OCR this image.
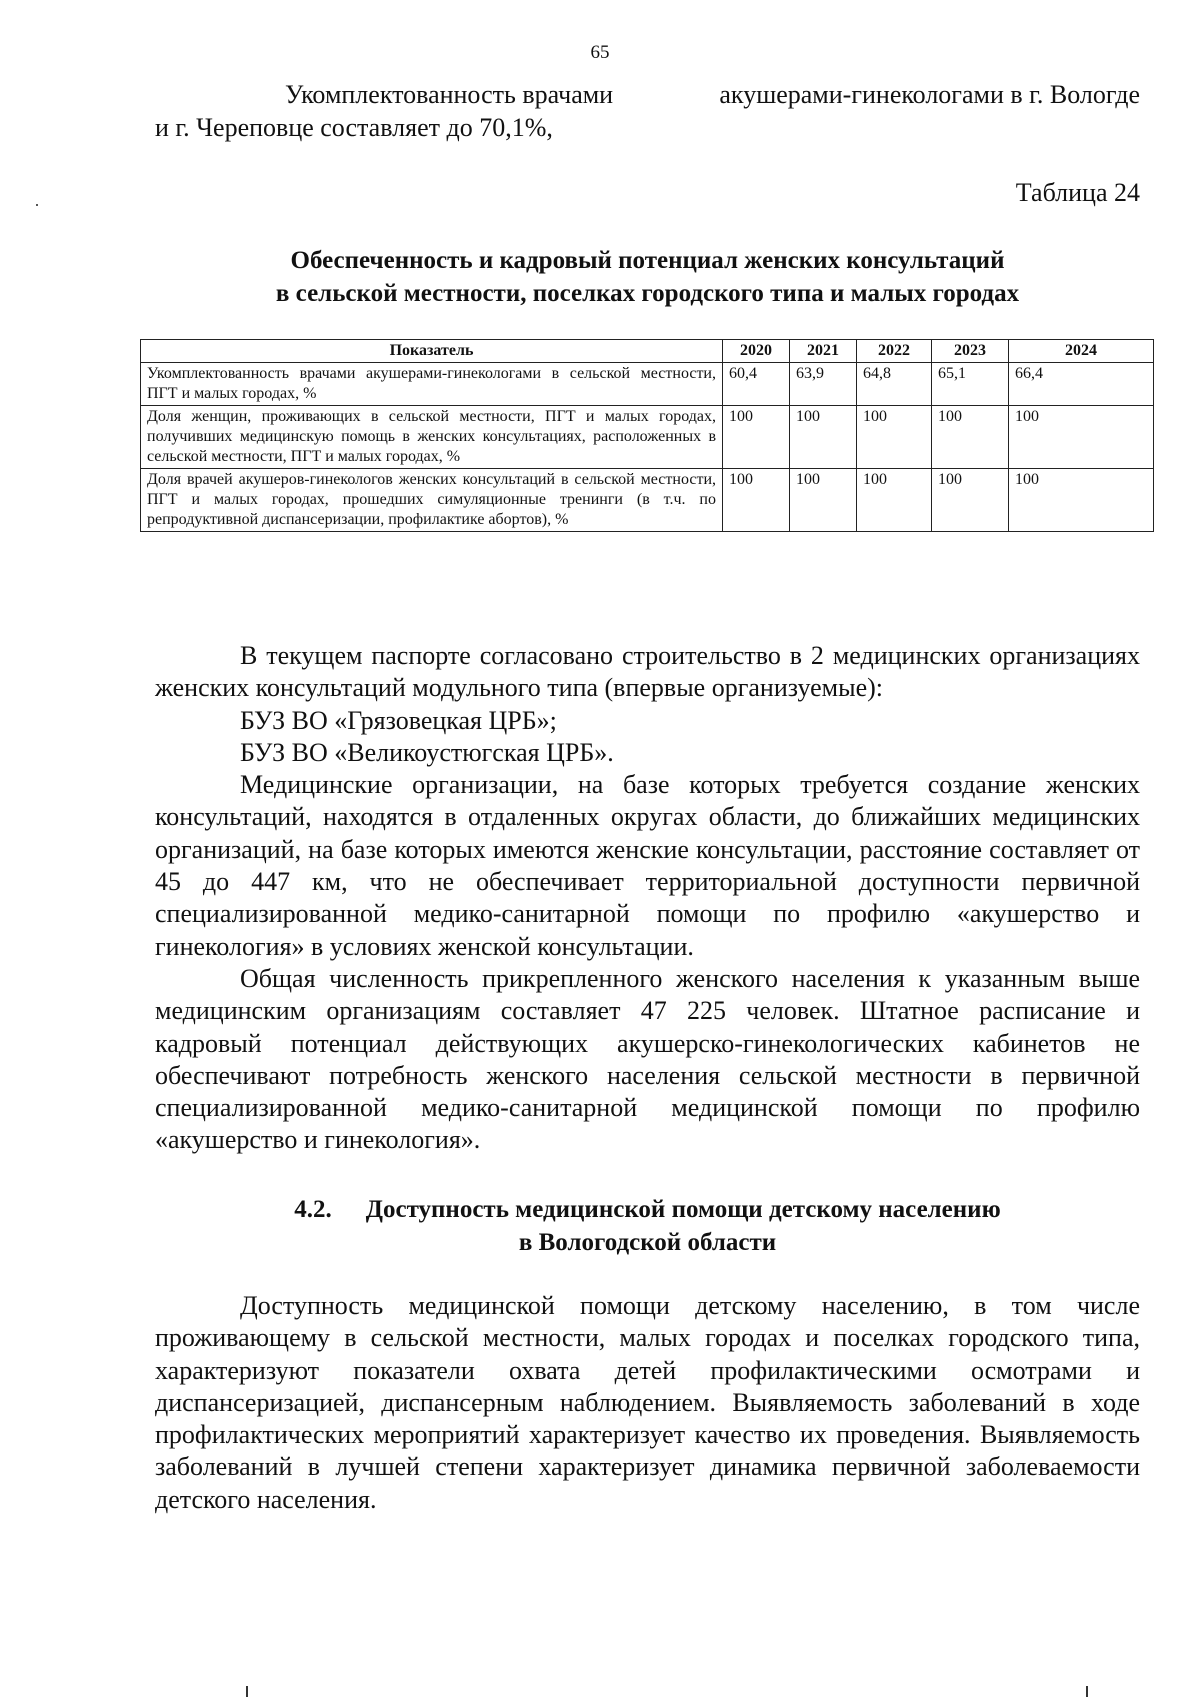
65
Укомплектованность врачами	акушерами-гинекологами в г. Вологде
и г. Череповце составляет до 70,1%,
Таблица 24
Обеспеченность и кадровый потенциал женских консультаций
в сельской местности, поселках городского типа и малых городах
Показатель	2020	2021	2022	2023	2024
Укомплектованность врачами акушерами-гинекологами в сельской местности, ПГТ и малых городах, %	60,4	63,9	64,8	65,1	66,4
Доля женщин, проживающих в сельской местности, ПГТ и малых городах, получивших медицинскую помощь в женских консультациях, расположенных в сельской местности, ПГТ и малых городах, %	100	100	100	100	100
Доля врачей акушеров-гинекологов женских консультаций в сельской местности, ПГТ и малых городах, прошедших симуляционные тренинги (в т.ч. по репродуктивной диспансеризации, профилактике абортов), %	100	100	100	100	100

В текущем паспорте согласовано строительство в 2 медицинских организациях женских консультаций модульного типа (впервые организуемые):

БУЗ ВО «Грязовецкая ЦРБ»;

БУЗ ВО «Великоустюгская ЦРБ».

Медицинские организации, на базе которых требуется создание женских консультаций, находятся в отдаленных округах области, до ближайших медицинских организаций, на базе которых имеются женские консультации, расстояние составляет от 45 до 447 км, что не обеспечивает территориальной доступности первичной специализированной медико-санитарной помощи по профилю «акушерство и гинекология» в условиях женской консультации.

Общая численность прикрепленного женского населения к указанным выше медицинским организациям составляет 47 225 человек. Штатное расписание и кадровый потенциал действующих акушерско-гинекологических кабинетов не обеспечивают потребность женского населения сельской местности в первичной специализированной медико-санитарной медицинской помощи по профилю «акушерство и гинекология».

4.2. Доступность медицинской помощи детскому населению
в Вологодской области

Доступность медицинской помощи детскому населению, в том числе проживающему в сельской местности, малых городах и поселках городского типа, характеризуют показатели охвата детей профилактическими осмотрами и диспансеризацией, диспансерным наблюдением. Выявляемость заболеваний в ходе профилактических мероприятий характеризует качество их проведения. Выявляемость заболеваний в лучшей степени характеризует динамика первичной заболеваемости детского населения.
